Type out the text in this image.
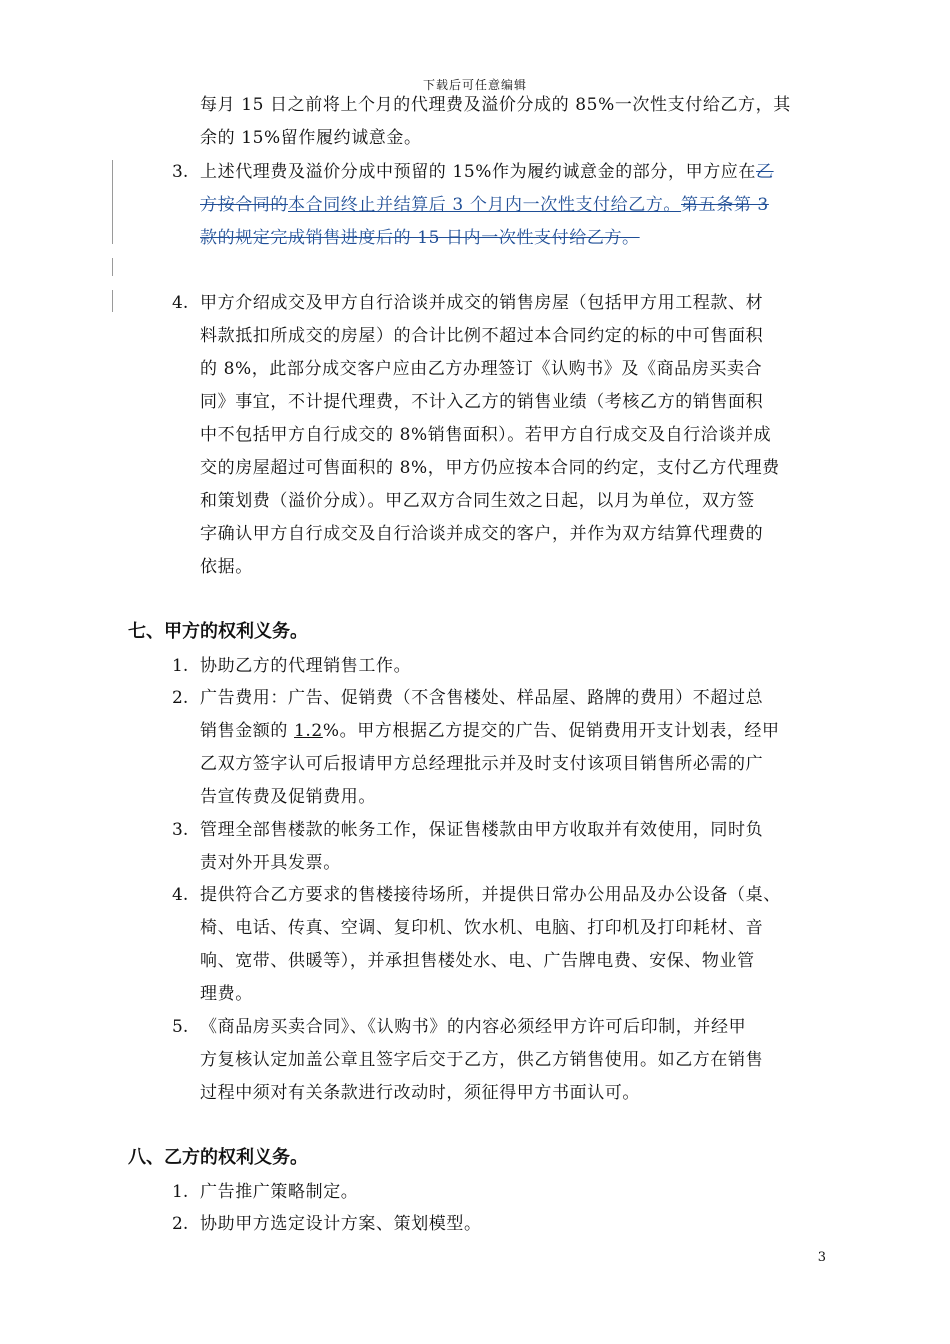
下载后可任意编辑
每月 15 日之前将上个月的代理费及溢价分成的 85%一次性支付给乙方，其
余的 15%留作履约诚意金。
3. 上述代理费及溢价分成中预留的 15%作为履约诚意金的部分，甲方应在乙
方按合同的本合同终止并结算后 3 个月内一次性支付给乙方。第五条第 3
款的规定完成销售进度后的 15 日内一次性支付给乙方。
4. 甲方介绍成交及甲方自行洽谈并成交的销售房屋（包括甲方用工程款、材
料款抵扣所成交的房屋）的合计比例不超过本合同约定的标的中可售面积
的 8%，此部分成交客户应由乙方办理签订《认购书》及《商品房买卖合
同》事宜，不计提代理费，不计入乙方的销售业绩（考核乙方的销售面积
中不包括甲方自行成交的 8%销售面积）。若甲方自行成交及自行洽谈并成
交的房屋超过可售面积的 8%，甲方仍应按本合同的约定，支付乙方代理费
和策划费（溢价分成）。甲乙双方合同生效之日起，以月为单位，双方签
字确认甲方自行成交及自行洽谈并成交的客户，并作为双方结算代理费的
依据。
七、甲方的权利义务。
1. 协助乙方的代理销售工作。
2. 广告费用：广告、促销费（不含售楼处、样品屋、路牌的费用）不超过总
销售金额的 1.2%。甲方根据乙方提交的广告、促销费用开支计划表，经甲
乙双方签字认可后报请甲方总经理批示并及时支付该项目销售所必需的广
告宣传费及促销费用。
3. 管理全部售楼款的帐务工作，保证售楼款由甲方收取并有效使用，同时负
责对外开具发票。
4. 提供符合乙方要求的售楼接待场所，并提供日常办公用品及办公设备（桌、
椅、电话、传真、空调、复印机、饮水机、电脑、打印机及打印耗材、音
响、宽带、供暖等），并承担售楼处水、电、广告牌电费、安保、物业管
理费。
5. 《商品房买卖合同》、《认购书》的内容必须经甲方许可后印制，并经甲
方复核认定加盖公章且签字后交于乙方，供乙方销售使用。如乙方在销售
过程中须对有关条款进行改动时，须征得甲方书面认可。
八、乙方的权利义务。
1. 广告推广策略制定。
2. 协助甲方选定设计方案、策划模型。
3
